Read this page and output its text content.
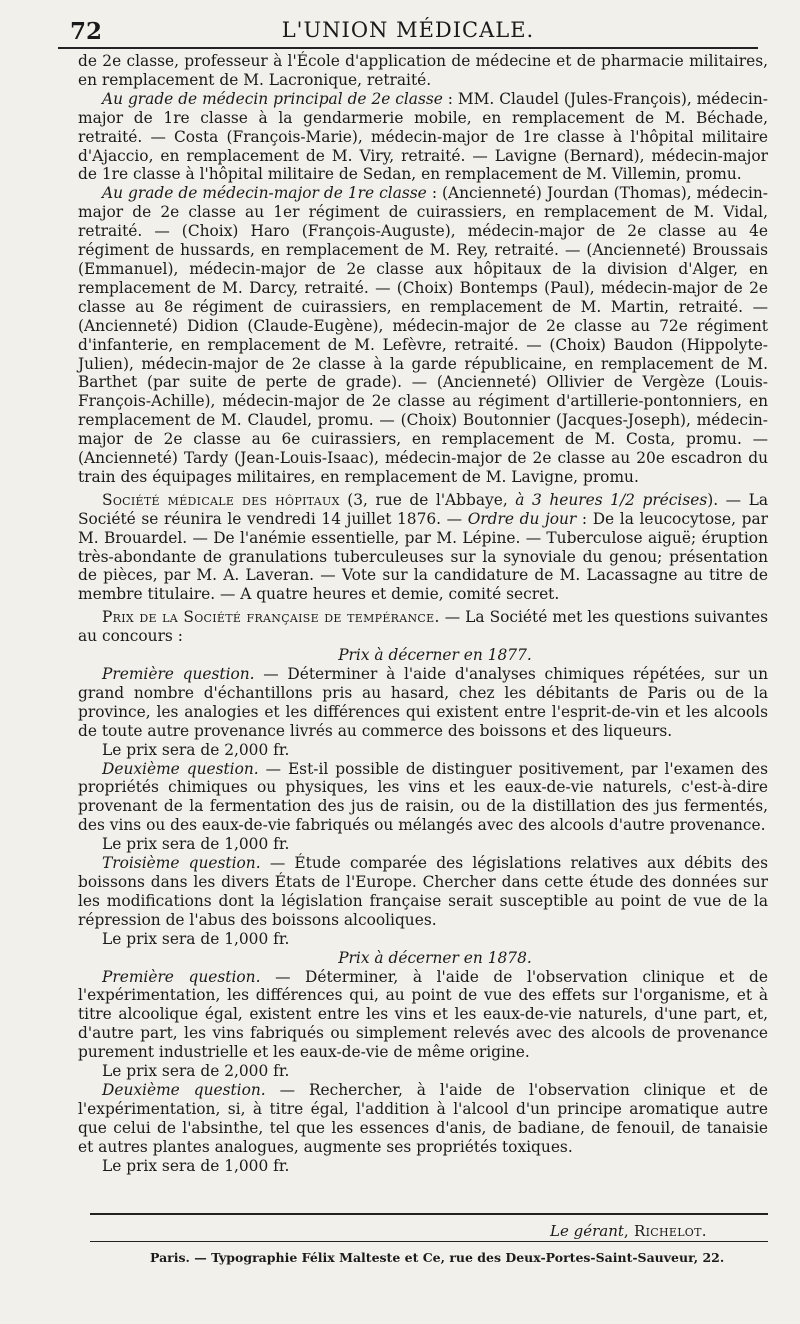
72	L'UNION MÉDICALE.

de 2e classe, professeur à l'École d'application de médecine et de pharmacie militaires, en remplacement de M. Lacronique, retraité.

Au grade de médecin principal de 2e classe : MM. Claudel (Jules-François), médecin-major de 1re classe à la gendarmerie mobile, en remplacement de M. Béchade, retraité. — Costa (François-Marie), médecin-major de 1re classe à l'hôpital militaire d'Ajaccio, en remplacement de M. Viry, retraité. — Lavigne (Bernard), médecin-major de 1re classe à l'hôpital militaire de Sedan, en remplacement de M. Villemin, promu.

Au grade de médecin-major de 1re classe : (Ancienneté) Jourdan (Thomas), médecin-major de 2e classe au 1er régiment de cuirassiers, en remplacement de M. Vidal, retraité. — (Choix) Haro (François-Auguste), médecin-major de 2e classe au 4e régiment de hussards, en remplacement de M. Rey, retraité. — (Ancienneté) Broussais (Emmanuel), médecin-major de 2e classe aux hôpitaux de la division d'Alger, en remplacement de M. Darcy, retraité. — (Choix) Bontemps (Paul), médecin-major de 2e classe au 8e régiment de cuirassiers, en remplacement de M. Martin, retraité. — (Ancienneté) Didion (Claude-Eugène), médecin-major de 2e classe au 72e régiment d'infanterie, en remplacement de M. Lefèvre, retraité. — (Choix) Baudon (Hippolyte-Julien), médecin-major de 2e classe à la garde républicaine, en remplacement de M. Barthet (par suite de perte de grade). — (Ancienneté) Ollivier de Vergèze (Louis-François-Achille), médecin-major de 2e classe au régiment d'artillerie-pontonniers, en remplacement de M. Claudel, promu. — (Choix) Boutonnier (Jacques-Joseph), médecin-major de 2e classe au 6e cuirassiers, en remplacement de M. Costa, promu. — (Ancienneté) Tardy (Jean-Louis-Isaac), médecin-major de 2e classe au 20e escadron du train des équipages militaires, en remplacement de M. Lavigne, promu.

Société médicale des hôpitaux (3, rue de l'Abbaye, à 3 heures 1/2 précises). — La Société se réunira le vendredi 14 juillet 1876. — Ordre du jour : De la leucocytose, par M. Brouardel. — De l'anémie essentielle, par M. Lépine. — Tuberculose aiguë; éruption très-abondante de granulations tuberculeuses sur la synoviale du genou; présentation de pièces, par M. A. Laveran. — Vote sur la candidature de M. Lacassagne au titre de membre titulaire. — A quatre heures et demie, comité secret.

Prix de la Société française de tempérance. — La Société met les questions suivantes au concours :

Prix à décerner en 1877.

Première question. — Déterminer à l'aide d'analyses chimiques répétées, sur un grand nombre d'échantillons pris au hasard, chez les débitants de Paris ou de la province, les analogies et les différences qui existent entre l'esprit-de-vin et les alcools de toute autre provenance livrés au commerce des boissons et des liqueurs.

Le prix sera de 2,000 fr.

Deuxième question. — Est-il possible de distinguer positivement, par l'examen des propriétés chimiques ou physiques, les vins et les eaux-de-vie naturels, c'est-à-dire provenant de la fermentation des jus de raisin, ou de la distillation des jus fermentés, des vins ou des eaux-de-vie fabriqués ou mélangés avec des alcools d'autre provenance.

Le prix sera de 1,000 fr.

Troisième question. — Étude comparée des législations relatives aux débits des boissons dans les divers États de l'Europe. Chercher dans cette étude des données sur les modifications dont la législation française serait susceptible au point de vue de la répression de l'abus des boissons alcooliques.

Le prix sera de 1,000 fr.

Prix à décerner en 1878.

Première question. — Déterminer, à l'aide de l'observation clinique et de l'expérimentation, les différences qui, au point de vue des effets sur l'organisme, et à titre alcoolique égal, existent entre les vins et les eaux-de-vie naturels, d'une part, et, d'autre part, les vins fabriqués ou simplement relevés avec des alcools de provenance purement industrielle et les eaux-de-vie de même origine.

Le prix sera de 2,000 fr.

Deuxième question. — Rechercher, à l'aide de l'observation clinique et de l'expérimentation, si, à titre égal, l'addition à l'alcool d'un principe aromatique autre que celui de l'absinthe, tel que les essences d'anis, de badiane, de fenouil, de tanaisie et autres plantes analogues, augmente ses propriétés toxiques.

Le prix sera de 1,000 fr.

Le gérant, Richelot.
Paris. — Typographie Félix Malteste et Ce, rue des Deux-Portes-Saint-Sauveur, 22.
